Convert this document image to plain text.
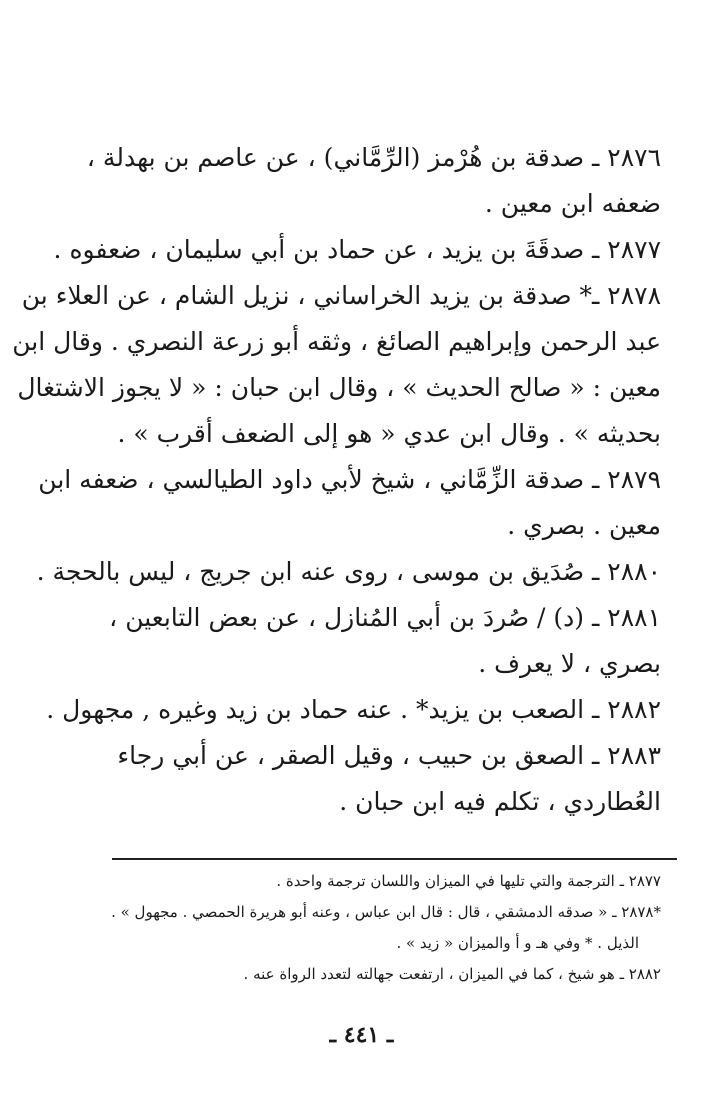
٢٨٧٦ ـ صدقة بن هُرْمز (الرِّمَّاني) ، عن عاصم بن بهدلة ،
ضعفه ابن معين .
٢٨٧٧ ـ صدقَةَ بن يزيد ، عن حماد بن أبي سليمان ، ضعفوه .
٢٨٧٨ ـ* صدقة بن يزيد الخراساني ، نزيل الشام ، عن العلاء بن
عبد الرحمن وإبراهيم الصائغ ، وثقه أبو زرعة النصري . وقال ابن
معين : « صالح الحديث » ، وقال ابن حبان : « لا يجوز الاشتغال
بحديثه » . وقال ابن عدي « هو إلى الضعف أقرب » .
٢٨٧٩ ـ صدقة الزِّمَّاني ، شيخ لأبي داود الطيالسي ، ضعفه ابن
معين . بصري .
٢٨٨٠ ـ صُدَيق بن موسى ، روى عنه ابن جريج ، ليس بالحجة .
٢٨٨١ ـ (د) / صُردَ بن أبي المُنازل ، عن بعض التابعين ،
بصري ، لا يعرف .
٢٨٨٢ ـ الصعب بن يزيد* . عنه حماد بن زيد وغيره , مجهول .
٢٨٨٣ ـ الصعق بن حبيب ، وقيل الصقر ، عن أبي رجاء
العُطاردي ، تكلم فيه ابن حبان .
٢٨٧٧ ـ الترجمة والتي تليها في الميزان واللسان ترجمة واحدة .
*٢٨٧٨ ـ « صدقه الدمشقي ، قال : قال ابن عباس ، وعنه أبو هريرة الحمصي . مجهول » .
الذيل . * وفي هـ و أ والميزان « زيد » .
٢٨٨٢ ـ هو شيخ ، كما في الميزان ، ارتفعت جهالته لتعدد الرواة عنه .
ـ ٤٤١ ـ
